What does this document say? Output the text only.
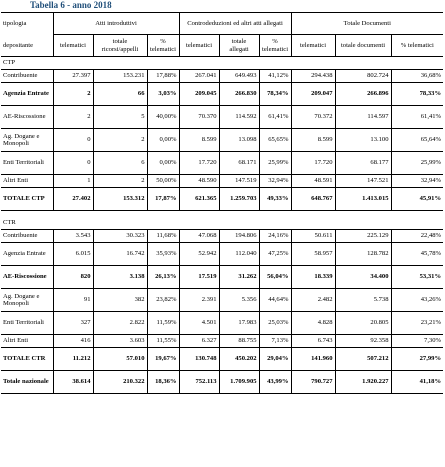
Tabella 6 - anno 2018
tipologia	Atti introduttivi			Controdeduzioni ed altri atti allegati			Totale Documenti		
depositante	telematici	totale ricorsi/appelli	% telematici	telematici	totale allegati	% telematici	telematici	totale documenti	% telematici
CTP									
Contribuente	27.397	153.231	17,88%	267.041	649.493	41,12%	294.438	802.724	36,68%
Agenzia Entrate	2	66	3,03%	209.045	266.830	78,34%	209.047	266.896	78,33%
AE-Riscossione	2	5	40,00%	70.370	114.592	61,41%	70.372	114.597	61,41%
Ag. Dogane e Monopoli	0	2	0,00%	8.599	13.098	65,65%	8.599	13.100	65,64%
Enti Territoriali	0	6	0,00%	17.720	68.171	25,99%	17.720	68.177	25,99%
Altri Enti	1	2	50,00%	48.590	147.519	32,94%	48.591	147.521	32,94%
TOTALE CTP	27.402	153.312	17,87%	621.365	1.259.703	49,33%	648.767	1.413.015	45,91%

CTR									
Contribuente	3.543	30.323	11,68%	47.068	194.806	24,16%	50.611	225.129	22,48%
Agenzia Entrate	6.015	16.742	35,93%	52.942	112.040	47,25%	58.957	128.782	45,78%
AE-Riscossione	820	3.138	26,13%	17.519	31.262	56,04%	18.339	34.400	53,31%
Ag. Dogane e Monopoli	91	382	23,82%	2.391	5.356	44,64%	2.482	5.738	43,26%
Enti Territoriali	327	2.822	11,59%	4.501	17.983	25,03%	4.828	20.805	23,21%
Altri Enti	416	3.603	11,55%	6.327	88.755	7,13%	6.743	92.358	7,30%
TOTALE CTR	11.212	57.010	19,67%	130.748	450.202	29,04%	141.960	507.212	27,99%
Totale nazionale	38.614	210.322	18,36%	752.113	1.709.905	43,99%	790.727	1.920.227	41,18%
